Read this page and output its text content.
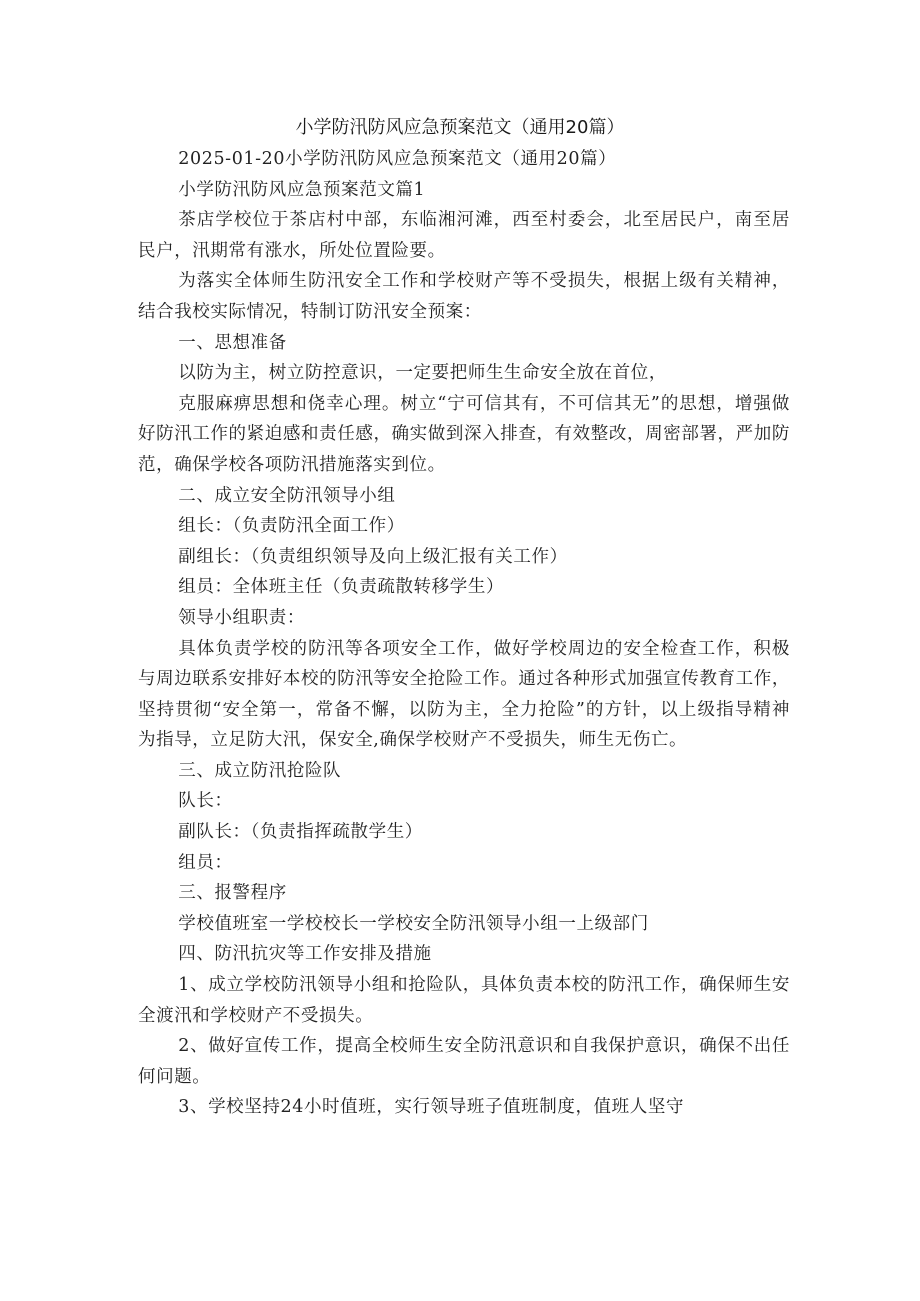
小学防汛防风应急预案范文（通用20篇）

2025-01-20小学防汛防风应急预案范文（通用20篇）

小学防汛防风应急预案范文篇1

茶店学校位于茶店村中部，东临湘河滩，西至村委会，北至居民户，南至居民户，汛期常有涨水，所处位置险要。

为落实全体师生防汛安全工作和学校财产等不受损失，根据上级有关精神，结合我校实际情况，特制订防汛安全预案：

一、思想准备

以防为主，树立防控意识，一定要把师生生命安全放在首位，

克服麻痹思想和侥幸心理。树立“宁可信其有，不可信其无”的思想，增强做好防汛工作的紧迫感和责任感，确实做到深入排查，有效整改，周密部署，严加防范，确保学校各项防汛措施落实到位。

二、成立安全防汛领导小组

组长：（负责防汛全面工作）

副组长：（负责组织领导及向上级汇报有关工作）

组员：全体班主任（负责疏散转移学生）

领导小组职责：

具体负责学校的防汛等各项安全工作，做好学校周边的安全检查工作，积极与周边联系安排好本校的防汛等安全抢险工作。通过各种形式加强宣传教育工作，坚持贯彻“安全第一，常备不懈，以防为主，全力抢险”的方针，以上级指导精神为指导，立足防大汛，保安全,确保学校财产不受损失，师生无伤亡。

三、成立防汛抢险队

队长：

副队长：（负责指挥疏散学生）

组员：

三、报警程序

学校值班室一学校校长一学校安全防汛领导小组一上级部门

四、防汛抗灾等工作安排及措施

1、成立学校防汛领导小组和抢险队，具体负责本校的防汛工作，确保师生安全渡汛和学校财产不受损失。

2、做好宣传工作，提高全校师生安全防汛意识和自我保护意识，确保不出任何问题。

3、学校坚持24小时值班，实行领导班子值班制度，值班人坚守
